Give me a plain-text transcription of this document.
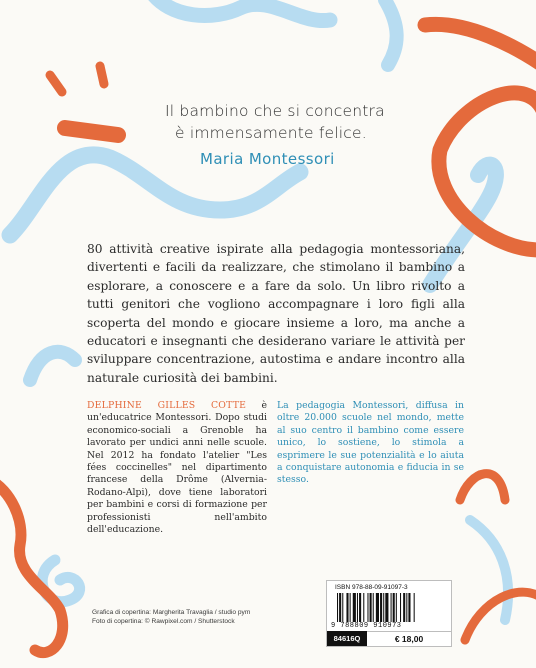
Il bambino che si concentra
è immensamente felice.
Maria Montessori
80 attività creative ispirate alla pedagogia montessoriana, divertenti e facili da realizzare, che stimolano il bambino a esplorare, a conoscere e a fare da solo. Un libro rivolto a tutti genitori che vogliono accompagnare i loro figli alla scoperta del mondo e giocare insieme a loro, ma anche a educatori e insegnanti che desiderano variare le attività per sviluppare concentrazione, autostima e andare incontro alla naturale curiosità dei bambini.
DELPHINE GILLES COTTE è un'educatrice Montessori. Dopo studi economico-sociali a Grenoble ha lavorato per undici anni nelle scuole. Nel 2012 ha fondato l'atelier "Les fées coccinelles" nel dipartimento francese della Drôme (Alvernia-Rodano-Alpi), dove tiene laboratori per bambini e corsi di formazione per professionisti nell'ambito dell'educazione.
La pedagogia Montessori, diffusa in oltre 20.000 scuole nel mondo, mette al suo centro il bambino come essere unico, lo sostiene, lo stimola a esprimere le sue potenzialità e lo aiuta a conquistare autonomia e fiducia in se stesso.
Grafica di copertina: Margherita Travaglia / studio pym
Foto di copertina: © Rawpixel.com / Shutterstock
ISBN 978-88-09-91097-3
9 788809 910973
84616Q	€ 18,00
